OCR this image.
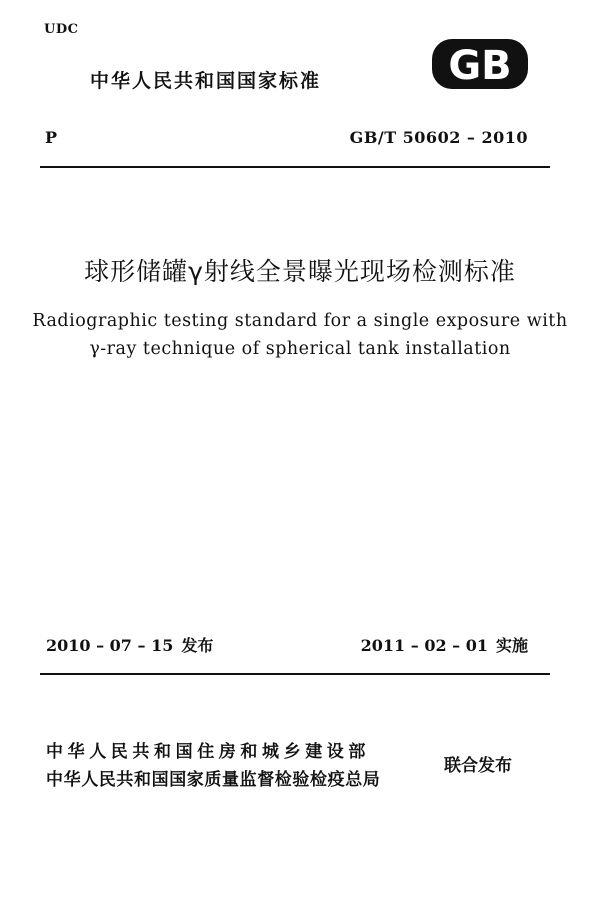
UDC
中华人民共和国国家标准	GB
P	GB/T 50602 – 2010
球形储罐γ射线全景曝光现场检测标准
Radiographic testing standard for a single exposure with
γ-ray technique of spherical tank installation
2010 – 07 – 15 发布	2011 – 02 – 01 实施
中华人民共和国住房和城乡建设部
中华人民共和国国家质量监督检验检疫总局
联合发布
